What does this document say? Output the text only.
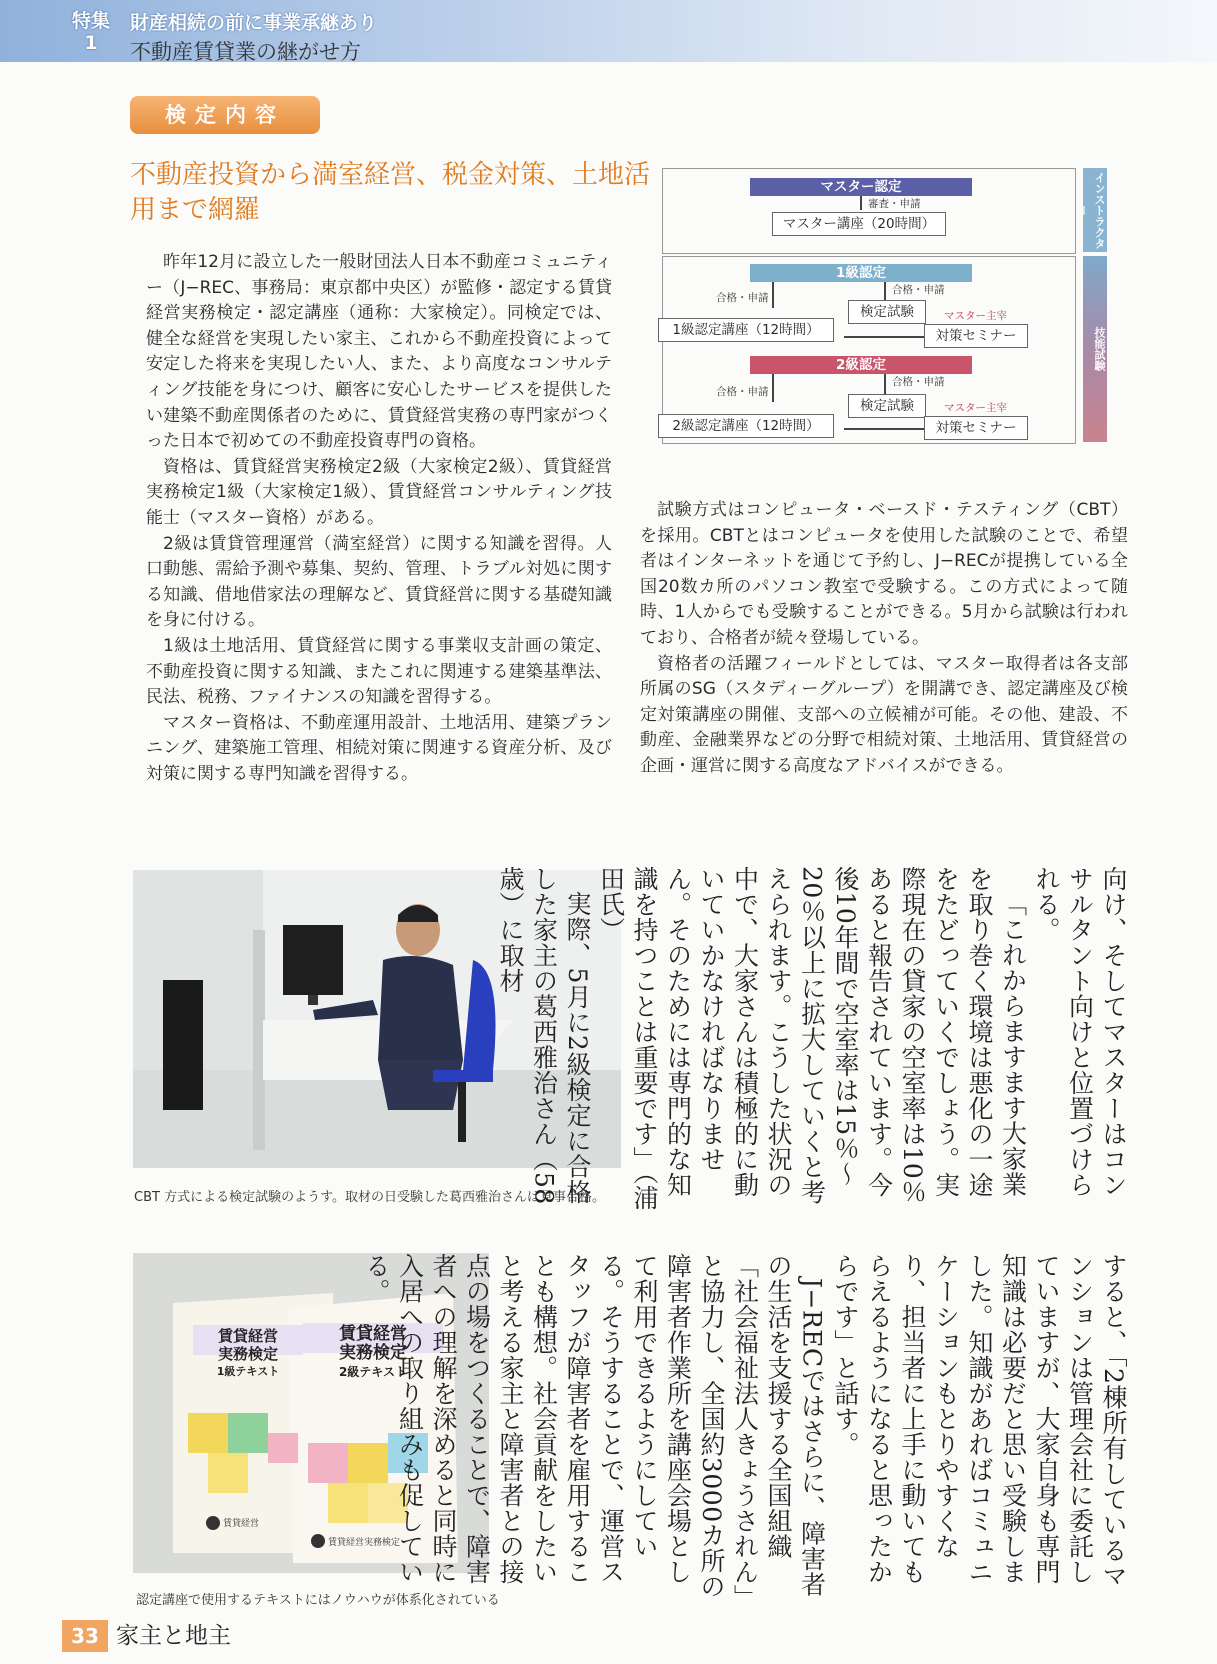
特集
1
財産相続の前に事業承継あり
不動産賃貸業の継がせ方
検定内容
不動産投資から満室経営、税金対策、土地活用まで網羅

昨年12月に設立した一般財団法人日本不動産コミュニティー（J−REC、事務局：東京都中央区）が監修・認定する賃貸経営実務検定・認定講座（通称：大家検定）。同検定では、健全な経営を実現したい家主、これから不動産投資によって安定した将来を実現したい人、また、より高度なコンサルティング技能を身につけ、顧客に安心したサービスを提供したい建築不動産関係者のために、賃貸経営実務の専門家がつくった日本で初めての不動産投資専門の資格。

資格は、賃貸経営実務検定2級（大家検定2級）、賃貸経営実務検定1級（大家検定1級）、賃貸経営コンサルティング技能士（マスター資格）がある。

2級は賃貸管理運営（満室経営）に関する知識を習得。人口動態、需給予測や募集、契約、管理、トラブル対処に関する知識、借地借家法の理解など、賃貸経営に関する基礎知識を身に付ける。

1級は土地活用、賃貸経営に関する事業収支計画の策定、不動産投資に関する知識、またこれに関連する建築基準法、民法、税務、ファイナンスの知識を習得する。

マスター資格は、不動産運用設計、土地活用、建築プランニング、建築施工管理、相続対策に関連する資産分析、及び対策に関する専門知識を習得する。

インストラクター
技能試験
マスター認定
審査・申請
マスター講座（20時間）
1級認定
合格・申請
合格・申請
検定試験
1級認定講座（12時間）
マスター主宰
対策セミナー
2級認定
合格・申請
合格・申請
検定試験
2級認定講座（12時間）
マスター主宰
対策セミナー

試験方式はコンピュータ・ベースド・テスティング（CBT）を採用。CBTとはコンピュータを使用した試験のことで、希望者はインターネットを通じて予約し、J−RECが提携している全国20数カ所のパソコン教室で受験する。この方式によって随時、1人からでも受験することができる。5月から試験は行われており、合格者が続々登場している。

資格者の活躍フィールドとしては、マスター取得者は各支部所属のSG（スタディーグループ）を開講でき、認定講座及び検定対策講座の開催、支部への立候補が可能。その他、建設、不動産、金融業界などの分野で相続対策、土地活用、賃貸経営の企画・運営に関する高度なアドバイスができる。

CBT 方式による検定試験のようす。取材の日受験した葛西雅治さんは見事合格。
賃貸経営
実務検定
1級テキスト
賃貸経営
実務検定
2級テキスト
賃貸経営
賃貸経営実務検定
認定講座で使用するテキストにはノウハウが体系化されている

向け、そしてマスターはコンサルタント向けと位置づけられる。

「これからますます大家業を取り巻く環境は悪化の一途をたどっていくでしょう。実際現在の貸家の空室率は10％あると報告されています。今後10年間で空室率は15％〜20％以上に拡大していくと考えられます。こうした状況の中で、大家さんは積極的に動いていかなければなりません。そのためには専門的な知識を持つことは重要です」（浦田氏）

実際、5月に2級検定に合格した家主の葛西雅治さん（58歳）に取材

すると、「2棟所有しているマンションは管理会社に委託していますが、大家自身も専門知識は必要だと思い受験しました。知識があればコミュニケーションもとりやすくなり、担当者に上手に動いてもらえるようになると思ったからです」と話す。

J−RECではさらに、障害者の生活を支援する全国組織「社会福祉法人きょうされん」と協力し、全国約3000カ所の障害者作業所を講座会場として利用できるようにしている。そうすることで、運営スタッフが障害者を雇用することも構想。社会貢献をしたいと考える家主と障害者との接点の場をつくることで、障害者への理解を深めると同時に入居への取り組みも促している。

33 家主と地主
